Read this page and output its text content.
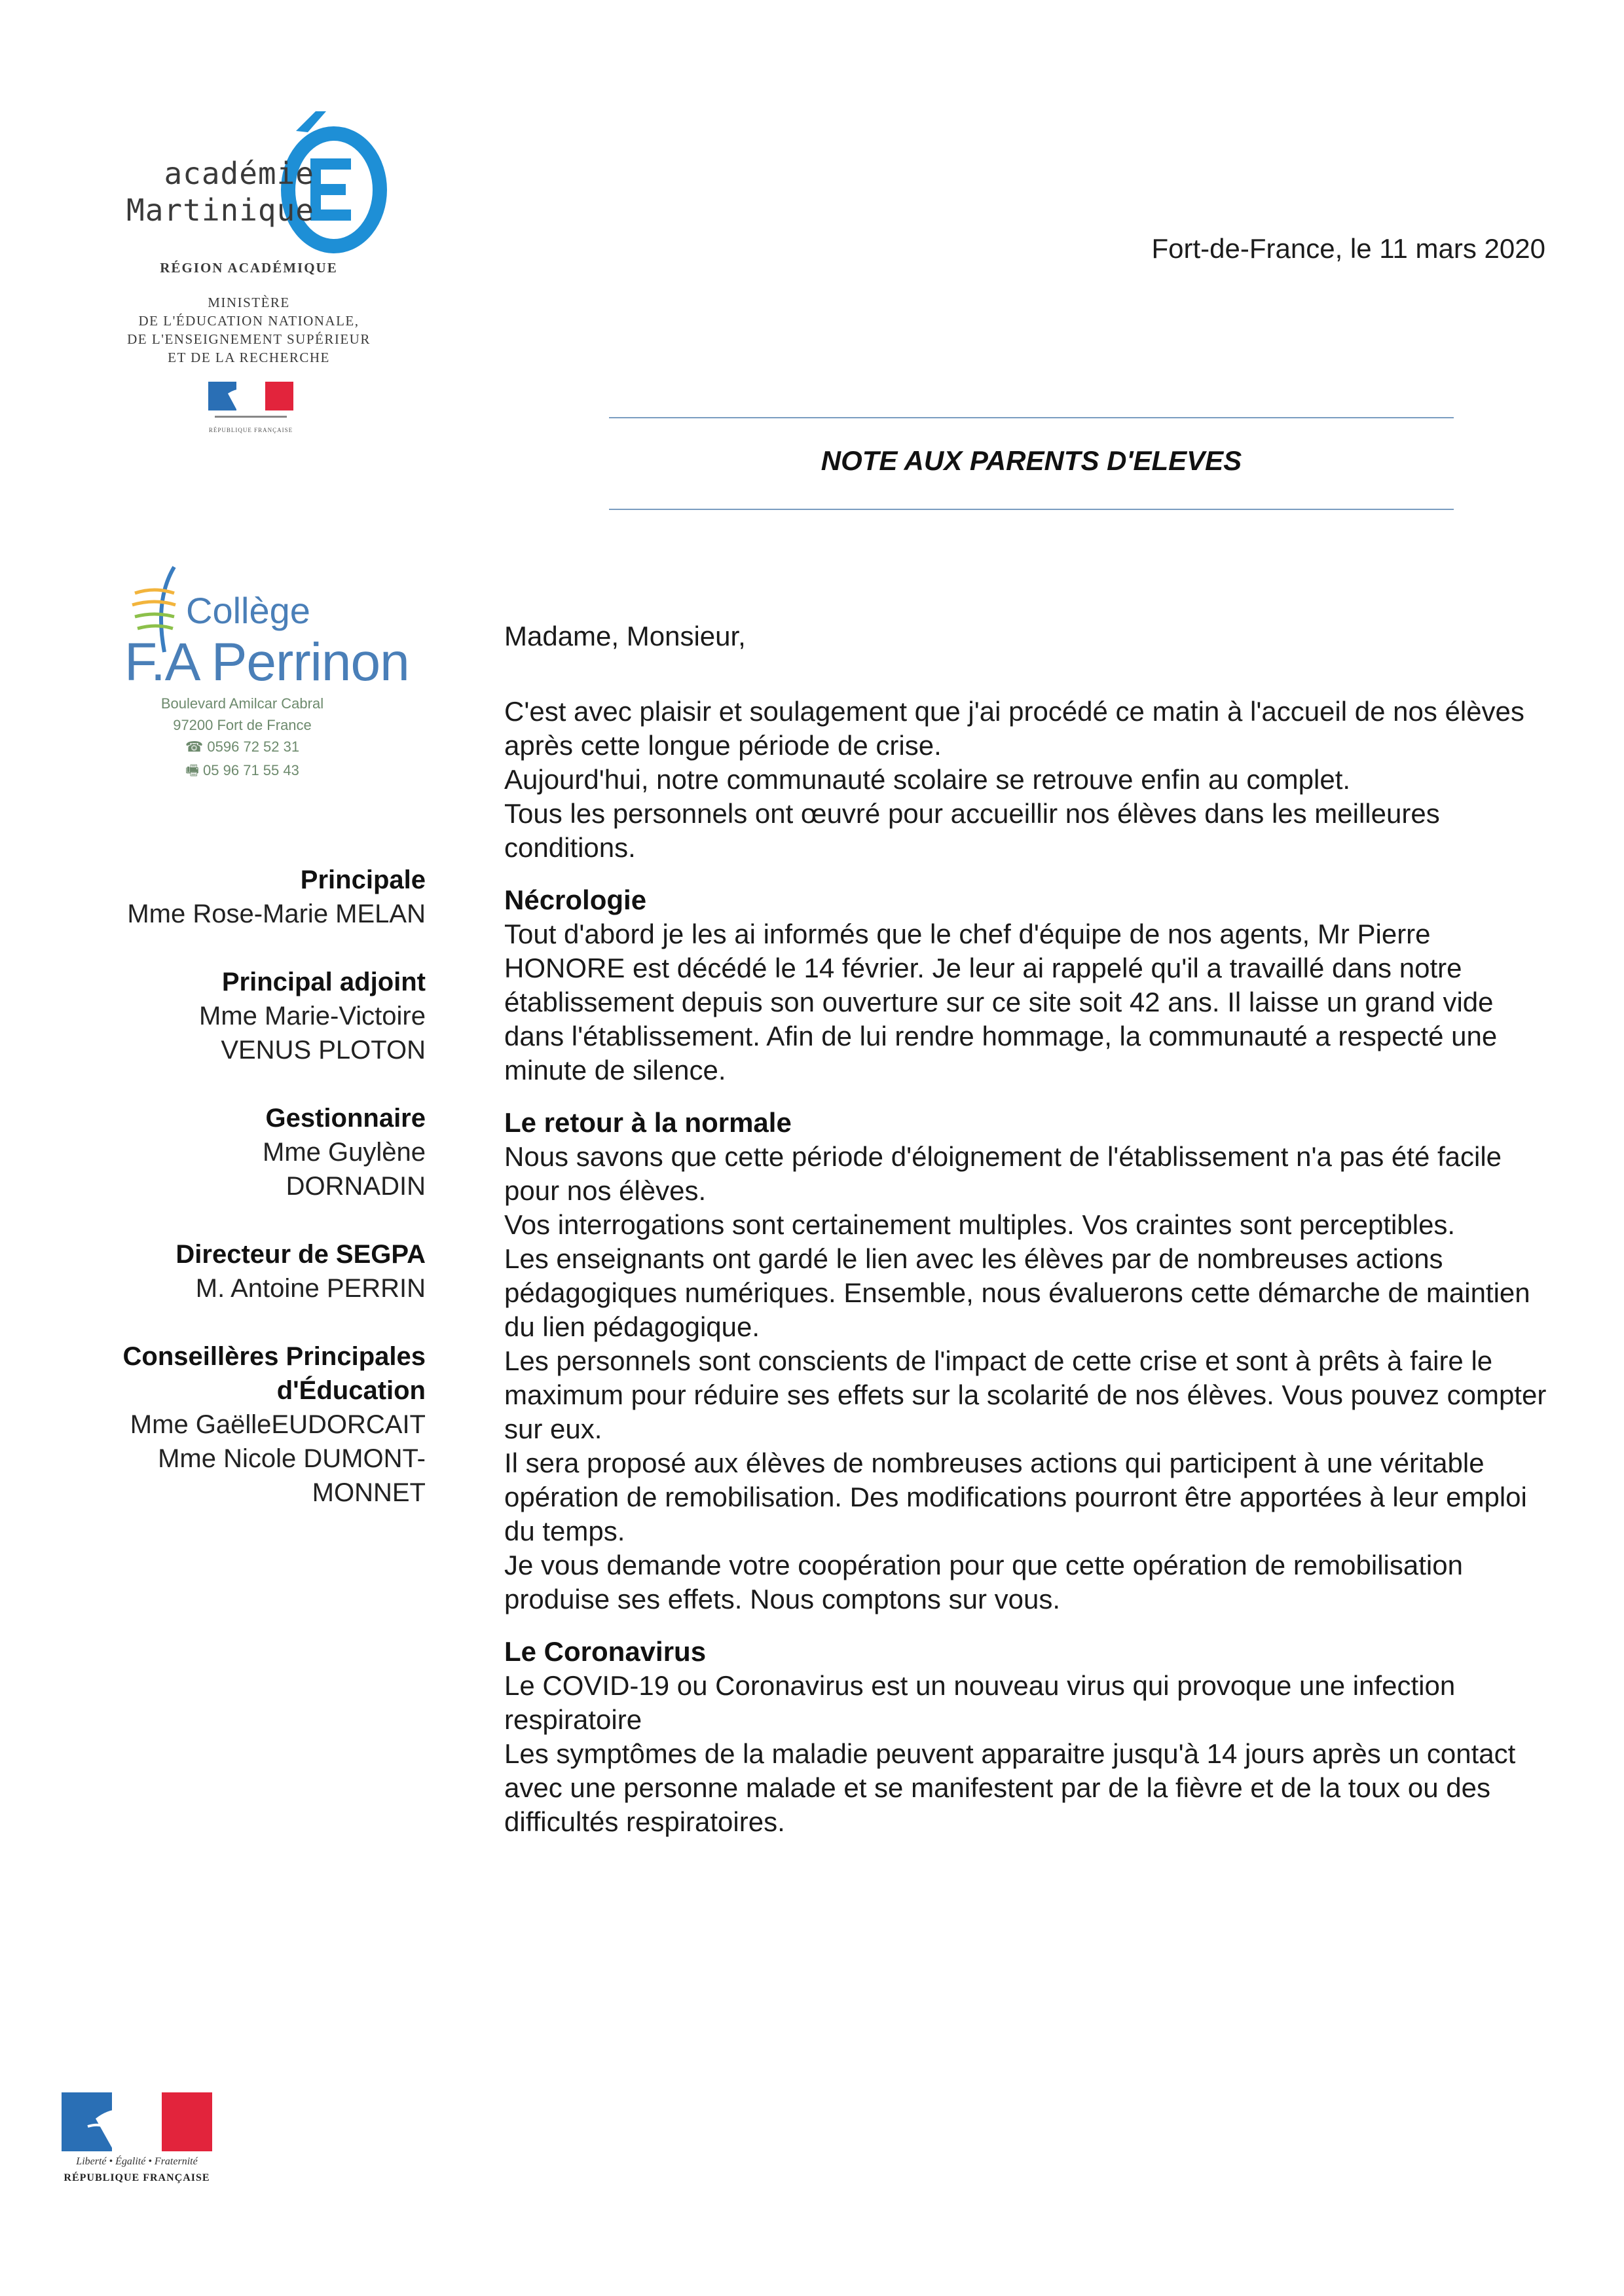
académie
Martinique
RÉGION ACADÉMIQUE
MINISTÈRE
DE L'ÉDUCATION NATIONALE,
DE L'ENSEIGNEMENT SUPÉRIEUR
ET DE LA RECHERCHE
RÉPUBLIQUE FRANÇAISE
Fort-de-France, le 11 mars 2020
NOTE AUX PARENTS D'ELEVES
Collège
F.A Perrinon
Boulevard Amilcar Cabral
97200 Fort de France
☎ 0596 72 52 31
🖷 05 96 71 55 43
Principale
Mme Rose-Marie MELAN
Principal adjoint
Mme Marie-Victoire
VENUS PLOTON
Gestionnaire
Mme Guylène
DORNADIN
Directeur de SEGPA
M. Antoine PERRIN
Conseillères Principales
d'Éducation
Mme GaëlleEUDORCAIT
Mme Nicole DUMONT-
MONNET

Madame, Monsieur,

C'est avec plaisir et soulagement que j'ai procédé ce matin à l'accueil de nos élèves après cette longue période de crise.

Aujourd'hui, notre communauté scolaire se retrouve enfin au complet.

Tous les personnels ont œuvré pour accueillir nos élèves dans les meilleures conditions.

Nécrologie

Tout d'abord je les ai informés que le chef d'équipe de nos agents, Mr Pierre HONORE est décédé le 14 février. Je leur ai rappelé qu'il a travaillé dans notre établissement depuis son ouverture sur ce site soit 42 ans. Il laisse un grand vide dans l'établissement. Afin de lui rendre hommage, la communauté a respecté une minute de silence.

Le retour à la normale

Nous savons que cette période d'éloignement de l'établissement n'a pas été facile pour nos élèves.

Vos interrogations sont certainement multiples. Vos craintes sont perceptibles.

Les enseignants ont gardé le lien avec les élèves par de nombreuses actions pédagogiques numériques. Ensemble, nous évaluerons cette démarche de maintien du lien pédagogique.

Les personnels sont conscients de l'impact de cette crise et sont à prêts à faire le maximum pour réduire ses effets sur la scolarité de nos élèves. Vous pouvez compter sur eux.

Il sera proposé aux élèves de nombreuses actions qui participent à une véritable opération de remobilisation. Des modifications pourront être apportées à leur emploi du temps.

Je vous demande votre coopération pour que cette opération de remobilisation produise ses effets. Nous comptons sur vous.

Le Coronavirus

Le COVID-19 ou Coronavirus est un nouveau virus qui provoque une infection respiratoire

Les symptômes de la maladie peuvent apparaitre jusqu'à 14 jours après un contact avec une personne malade et se manifestent par de la fièvre et de la toux ou des difficultés respiratoires.

Liberté • Égalité • Fraternité
RÉPUBLIQUE FRANÇAISE
